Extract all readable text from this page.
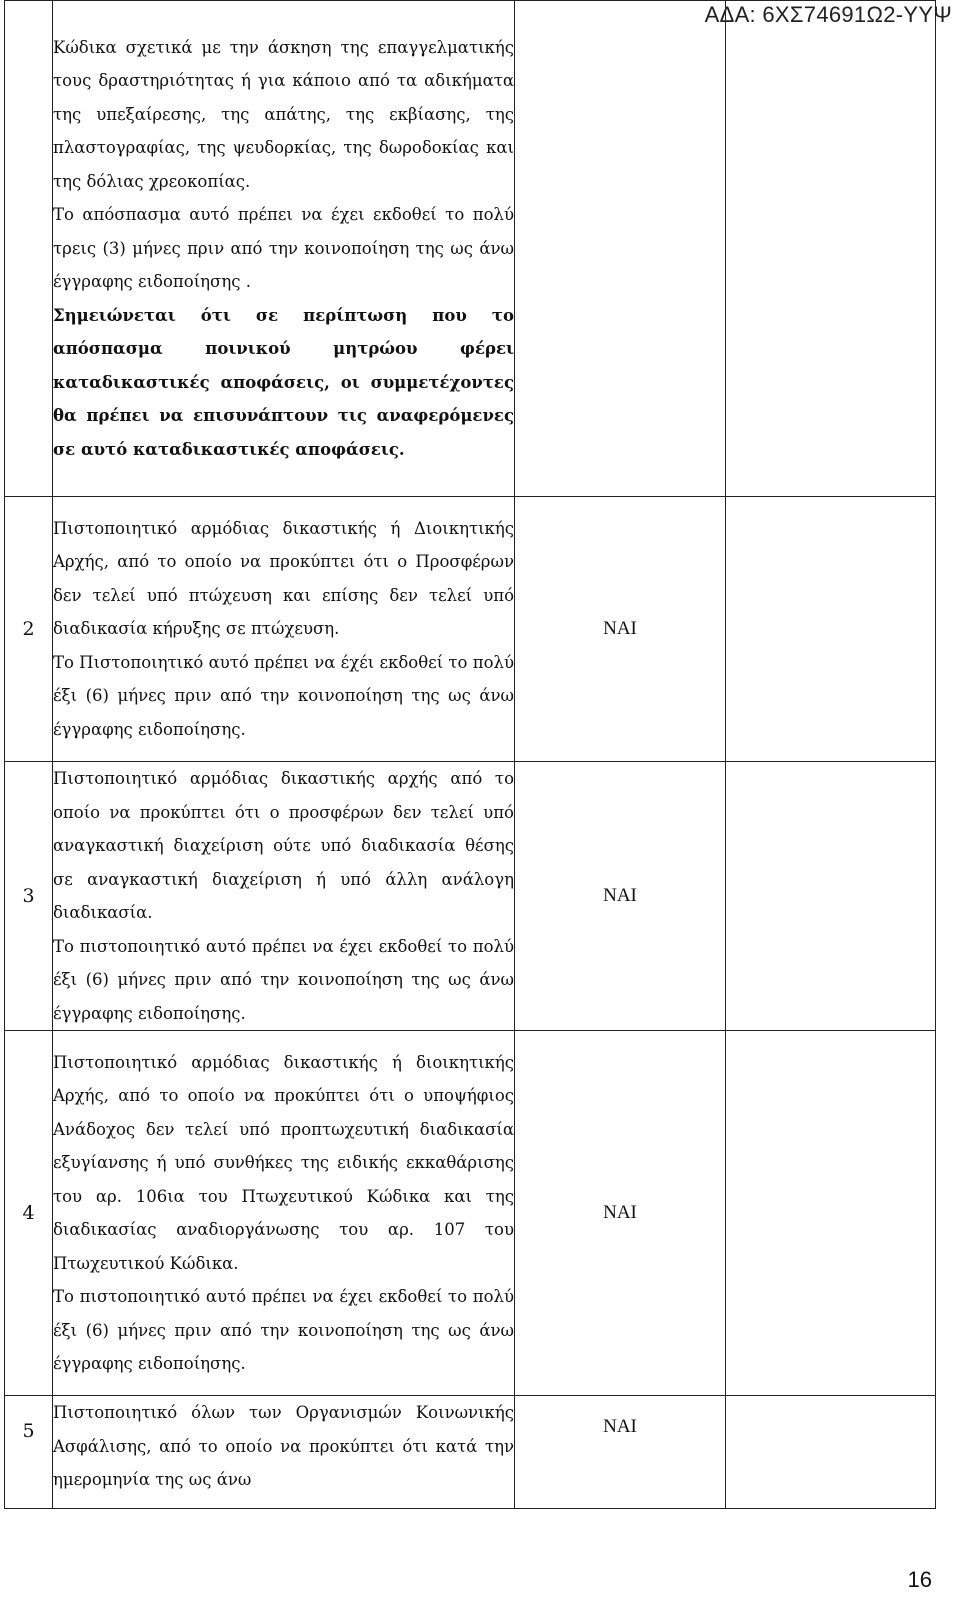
ΑΔΑ: 6ΧΣ74691Ω2-ΥΥΨ

	Κώδικα σχετικά με την άσκηση της επαγγελματικής τους δραστηριότητας ή για κάποιο από τα αδικήματα της υπεξαίρεσης, της απάτης, της εκβίασης, της πλαστογραφίας, της ψευδορκίας, της δωροδοκίας και της δόλιας χρεοκοπίας.

Το απόσπασμα αυτό πρέπει να έχει εκδοθεί το πολύ τρεις (3) μήνες πριν από την κοινοποίηση της ως άνω έγγραφης ειδοποίησης .

Σημειώνεται ότι σε περίπτωση που το απόσπασμα ποινικού μητρώου φέρει καταδικαστικές αποφάσεις, οι συμμετέχοντες θα πρέπει να επισυνάπτουν τις αναφερόμενες σε αυτό καταδικαστικές αποφάσεις.		

2	Πιστοποιητικό αρμόδιας δικαστικής ή Διοικητικής Αρχής, από το οποίο να προκύπτει ότι ο Προσφέρων δεν τελεί υπό πτώχευση και επίσης δεν τελεί υπό διαδικασία κήρυξης σε πτώχευση.

Το Πιστοποιητικό αυτό πρέπει να έχέι εκδοθεί το πολύ έξι (6) μήνες πριν από την κοινοποίηση της ως άνω έγγραφης ειδοποίησης.	ΝΑΙ	
3	Πιστοποιητικό αρμόδιας δικαστικής αρχής από το οποίο να προκύπτει ότι ο προσφέρων δεν τελεί υπό αναγκαστική διαχείριση ούτε υπό διαδικασία θέσης σε αναγκαστική διαχείριση ή υπό άλλη ανάλογη διαδικασία.

Το πιστοποιητικό αυτό πρέπει να έχει εκδοθεί το πολύ έξι (6) μήνες πριν από την κοινοποίηση της ως άνω έγγραφης ειδοποίησης.	ΝΑΙ	
4	Πιστοποιητικό αρμόδιας δικαστικής ή διοικητικής Αρχής, από το οποίο να προκύπτει ότι ο υποψήφιος Ανάδοχος δεν τελεί υπό προπτωχευτική διαδικασία εξυγίανσης ή υπό συνθήκες της ειδικής εκκαθάρισης του αρ. 106ια του Πτωχευτικού Κώδικα και της διαδικασίας αναδιοργάνωσης του αρ. 107 του Πτωχευτικού Κώδικα.

Το πιστοποιητικό αυτό πρέπει να έχει εκδοθεί το πολύ έξι (6) μήνες πριν από την κοινοποίηση της ως άνω έγγραφης ειδοποίησης.	ΝΑΙ	
5	Πιστοποιητικό όλων των Οργανισμών Κοινωνικής Ασφάλισης, από το οποίο να προκύπτει ότι κατά την ημερομηνία της ως άνω	ΝΑΙ	
16
